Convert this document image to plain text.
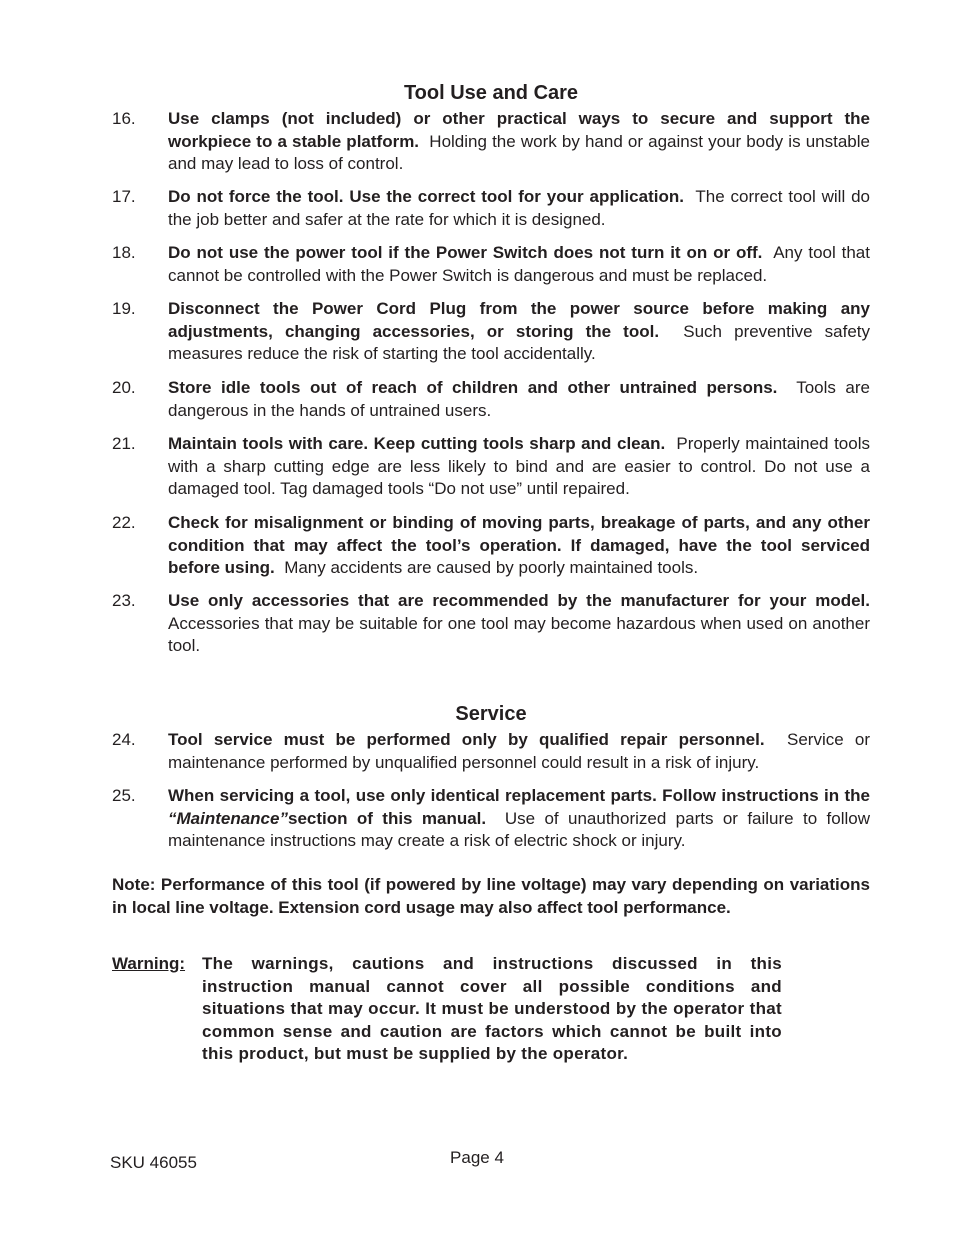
Tool Use and Care
16. Use clamps (not included) or other practical ways to secure and support the workpiece to a stable platform. Holding the work by hand or against your body is unstable and may lead to loss of control.
17. Do not force the tool. Use the correct tool for your application. The correct tool will do the job better and safer at the rate for which it is designed.
18. Do not use the power tool if the Power Switch does not turn it on or off. Any tool that cannot be controlled with the Power Switch is dangerous and must be replaced.
19. Disconnect the Power Cord Plug from the power source before making any adjustments, changing accessories, or storing the tool. Such preventive safety measures reduce the risk of starting the tool accidentally.
20. Store idle tools out of reach of children and other untrained persons. Tools are dangerous in the hands of untrained users.
21. Maintain tools with care. Keep cutting tools sharp and clean. Properly maintained tools with a sharp cutting edge are less likely to bind and are easier to control. Do not use a damaged tool. Tag damaged tools “Do not use” until repaired.
22. Check for misalignment or binding of moving parts, breakage of parts, and any other condition that may affect the tool’s operation. If damaged, have the tool serviced before using. Many accidents are caused by poorly maintained tools.
23. Use only accessories that are recommended by the manufacturer for your model. Accessories that may be suitable for one tool may become hazardous when used on another tool.
Service
24. Tool service must be performed only by qualified repair personnel. Service or maintenance performed by unqualified personnel could result in a risk of injury.
25. When servicing a tool, use only identical replacement parts. Follow instructions in the “Maintenance”section of this manual. Use of unauthorized parts or failure to follow maintenance instructions may create a risk of electric shock or injury.
Note: Performance of this tool (if powered by line voltage) may vary depending on variations in local line voltage. Extension cord usage may also affect tool performance.
Warning: The warnings, cautions and instructions discussed in this instruction manual cannot cover all possible conditions and situations that may occur. It must be understood by the operator that common sense and caution are factors which cannot be built into this product, but must be supplied by the operator.
SKU 46055	Page 4
